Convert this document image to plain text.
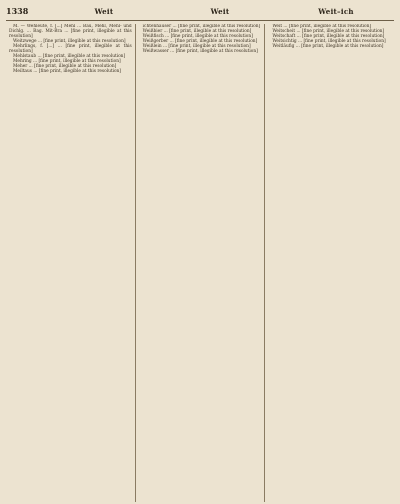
1338	Weit	Weit	Weit–ich

M. — Wehleute, f. [...] Mehl ... Bau, Mehl, Mehl- und Dichlg. ... Bag. Mit-Bra ... [fine print, illegible at this resolution]

Weitzwege ... [fine print, illegible at this resolution]

Mehrlings, f. [...] ... [fine print, illegible at this resolution]

Mehlstaub ... [fine print, illegible at this resolution]

Mehring ... [fine print, illegible at this resolution]

Meher ... [fine print, illegible at this resolution]

Meiltaus ... [fine print, illegible at this resolution]

ichtenhäuser ... [fine print, illegible at this resolution]

Weißbier ... [fine print, illegible at this resolution]

Weißfisch ... [fine print, illegible at this resolution]

Weißgerber ... [fine print, illegible at this resolution]

Weißlein ... [fine print, illegible at this resolution]

Weißwasser ... [fine print, illegible at this resolution]

Weit ... [fine print, illegible at this resolution]

Weitscheit ... [fine print, illegible at this resolution]

Weitschaft ... [fine print, illegible at this resolution]

Weitsichtig ... [fine print, illegible at this resolution]

Weitläufig ... [fine print, illegible at this resolution]
